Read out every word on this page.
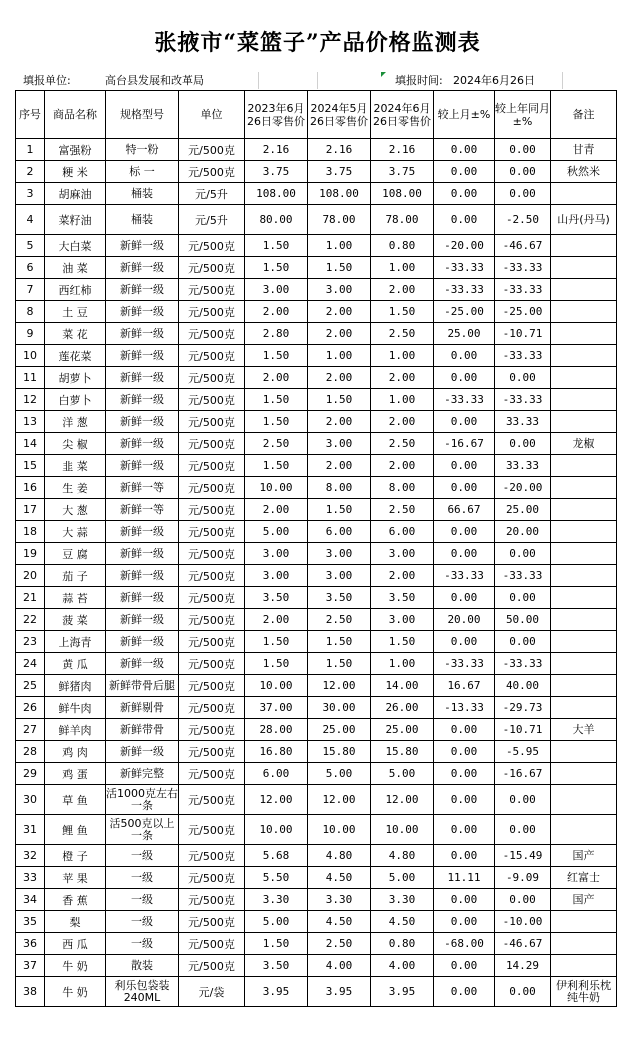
张掖市“菜篮子”产品价格监测表
填报单位:	高台县发展和改革局	填报时间: 2024年6月26日
序号	商品名称	规格型号	单位	2023年6月26日零售价	2024年5月26日零售价	2024年6月26日零售价	较上月±%	较上年同月±%	备注
1	富强粉	特一粉	元/500克	2.16	2.16	2.16	0.00	0.00	甘青
2	粳 米	标 一	元/500克	3.75	3.75	3.75	0.00	0.00	秋然米
3	胡麻油	桶装	元/5升	108.00	108.00	108.00	0.00	0.00	
4	菜籽油	桶装	元/5升	80.00	78.00	78.00	0.00	-2.50	山丹(丹马)
5	大白菜	新鲜一级	元/500克	1.50	1.00	0.80	-20.00	-46.67	
6	油 菜	新鲜一级	元/500克	1.50	1.50	1.00	-33.33	-33.33	
7	西红柿	新鲜一级	元/500克	3.00	3.00	2.00	-33.33	-33.33	
8	土 豆	新鲜一级	元/500克	2.00	2.00	1.50	-25.00	-25.00	
9	菜 花	新鲜一级	元/500克	2.80	2.00	2.50	25.00	-10.71	
10	莲花菜	新鲜一级	元/500克	1.50	1.00	1.00	0.00	-33.33	
11	胡萝卜	新鲜一级	元/500克	2.00	2.00	2.00	0.00	0.00	
12	白萝卜	新鲜一级	元/500克	1.50	1.50	1.00	-33.33	-33.33	
13	洋 葱	新鲜一级	元/500克	1.50	2.00	2.00	0.00	33.33	
14	尖 椒	新鲜一级	元/500克	2.50	3.00	2.50	-16.67	0.00	龙椒
15	韭 菜	新鲜一级	元/500克	1.50	2.00	2.00	0.00	33.33	
16	生 姜	新鲜一等	元/500克	10.00	8.00	8.00	0.00	-20.00	
17	大 葱	新鲜一等	元/500克	2.00	1.50	2.50	66.67	25.00	
18	大 蒜	新鲜一级	元/500克	5.00	6.00	6.00	0.00	20.00	
19	豆 腐	新鲜一级	元/500克	3.00	3.00	3.00	0.00	0.00	
20	茄 子	新鲜一级	元/500克	3.00	3.00	2.00	-33.33	-33.33	
21	蒜 苔	新鲜一级	元/500克	3.50	3.50	3.50	0.00	0.00	
22	菠 菜	新鲜一级	元/500克	2.00	2.50	3.00	20.00	50.00	
23	上海青	新鲜一级	元/500克	1.50	1.50	1.50	0.00	0.00	
24	黄 瓜	新鲜一级	元/500克	1.50	1.50	1.00	-33.33	-33.33	
25	鲜猪肉	新鲜带骨后腿	元/500克	10.00	12.00	14.00	16.67	40.00	
26	鲜牛肉	新鲜剔骨	元/500克	37.00	30.00	26.00	-13.33	-29.73	
27	鲜羊肉	新鲜带骨	元/500克	28.00	25.00	25.00	0.00	-10.71	大羊
28	鸡 肉	新鲜一级	元/500克	16.80	15.80	15.80	0.00	-5.95	
29	鸡 蛋	新鲜完整	元/500克	6.00	5.00	5.00	0.00	-16.67	
30	草 鱼	活1000克左右一条	元/500克	12.00	12.00	12.00	0.00	0.00	
31	鲤 鱼	活500克以上一条	元/500克	10.00	10.00	10.00	0.00	0.00	
32	橙 子	一级	元/500克	5.68	4.80	4.80	0.00	-15.49	国产
33	苹 果	一级	元/500克	5.50	4.50	5.00	11.11	-9.09	红富士
34	香 蕉	一级	元/500克	3.30	3.30	3.30	0.00	0.00	国产
35	梨	一级	元/500克	5.00	4.50	4.50	0.00	-10.00	
36	西 瓜	一级	元/500克	1.50	2.50	0.80	-68.00	-46.67	
37	牛 奶	散装	元/500克	3.50	4.00	4.00	0.00	14.29	
38	牛 奶	利乐包袋装240ML	元/袋	3.95	3.95	3.95	0.00	0.00	伊利利乐枕纯牛奶
